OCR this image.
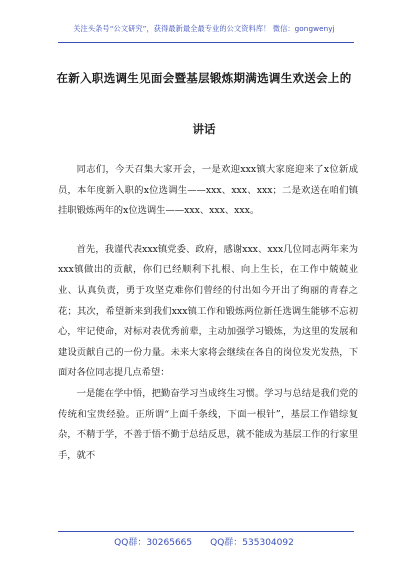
关注头条号“公文研究”，获得最新最全最专业的公文资料库！ 微信：gongwenyj
在新入职选调生见面会暨基层锻炼期满选调生欢送会上的
讲话

同志们，今天召集大家开会，一是欢迎xxx镇大家庭迎来了x位新成员，本年度新入职的x位选调生——xxx、xxx、xxx；二是欢送在咱们镇挂职锻炼两年的x位选调生——xxx、xxx、xxx。

首先，我谨代表xxx镇党委、政府，感谢xxx、xxx几位同志两年来为xxx镇做出的贡献，你们已经顺利下扎根、向上生长，在工作中兢兢业业、认真负责，勇于攻坚克难你们曾经的付出如今开出了绚丽的青春之花；其次，希望新来到我们xxx镇工作和锻炼两位新任选调生能够不忘初心，牢记使命，对标对表优秀前辈，主动加强学习锻炼，为这里的发展和建设贡献自己的一份力量。未来大家将会继续在各自的岗位发光发热，下面对各位同志提几点希望：

一是能在学中悟，把勤奋学习当成终生习惯。学习与总结是我们党的传统和宝贵经验。正所谓“上面千条线，下面一根针”，基层工作错综复杂，不精于学，不善于悟不勤于总结反思，就不能成为基层工作的行家里手，就不

QQ群：30265665　　QQ群：535304092
